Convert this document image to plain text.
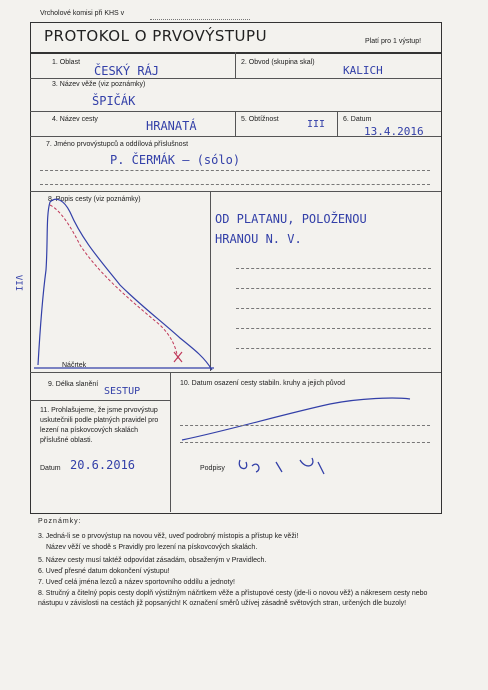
Vrcholové komisi při KHS v
PROTOKOL O PRVOVÝSTUPU	Platí pro 1 výstup!
1. Oblast
ČESKÝ RÁJ
2. Obvod (skupina skal)
KALICH
3. Název věže (viz poznámky)
ŠPIČÁK
4. Název cesty	HRANATÁ	5. Obtížnost	III	6. Datum
13.4.2016
7. Jméno prvovýstupců a oddílová příslušnost
P. ČERMÁK – (sólo)
8. Popis cesty (viz poznámky)
OD PLATANU, POLOŽENOU
HRANOU N. V.
Náčrtek
VII
9. Délka slanění
SESTUP
10. Datum osazení cesty stabiln. kruhy a jejich původ
11. Prohlašujeme, že jsme prvovýstup uskutečnili podle platných pravidel pro lezení na pískovcových skalách příslušné oblasti.
Datum 20.6.2016	Podpisy
Poznámky:
3. Jedná-li se o prvovýstup na novou věž, uveď podrobný místopis a přístup ke věži!
Název věží ve shodě s Pravidly pro lezení na pískovcových skalách.
5. Název cesty musí taktéž odpovídat zásadám, obsaženým v Pravidlech.
6. Uveď přesné datum dokončení výstupu!
7. Uveď celá jména lezců a název sportovního oddílu a jednoty!
8. Stručný a čitelný popis cesty doplň výstižným náčrtkem věže a přístupové cesty (jde-li o novou věž) a nákresem cesty nebo nástupu v závislosti na cestách již popsaných! K označení směrů užívej zásadně světových stran, určených dle buzoly!
